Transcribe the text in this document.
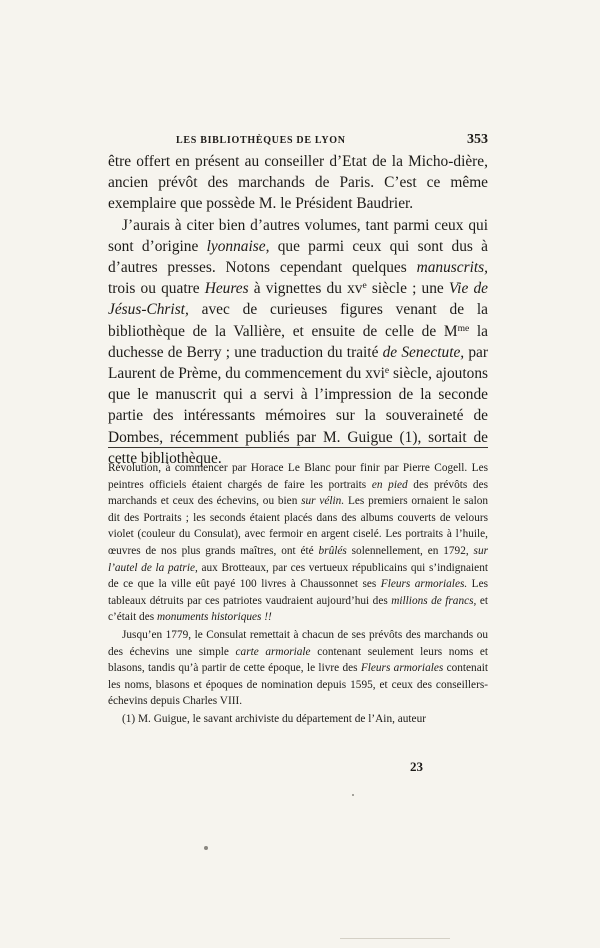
LES BIBLIOTHÈQUES DE LYON	353

être offert en présent au conseiller d’Etat de la Micho-dière, ancien prévôt des marchands de Paris. C’est ce même exemplaire que possède M. le Président Baudrier.

J’aurais à citer bien d’autres volumes, tant parmi ceux qui sont d’origine lyonnaise, que parmi ceux qui sont dus à d’autres presses. Notons cependant quelques manuscrits, trois ou quatre Heures à vignettes du $xv^e$ siècle ; une Vie de Jésus-Christ, avec de curieuses figures venant de la bibliothèque de la Vallière, et ensuite de celle de $M^{me}$ la duchesse de Berry ; une traduction du traité de Senectute, par Laurent de Prème, du commencement du xvi$^e$ siècle, ajoutons que le manuscrit qui a servi à l’impression de la seconde partie des intéressants mémoires sur la souveraineté de Dombes, récemment publiés par M. Guigue (1), sortait de cette bibliothèque.

Révolution, à commencer par Horace Le Blanc pour finir par Pierre Cogell. Les peintres officiels étaient chargés de faire les portraits en pied des prévôts des marchands et ceux des échevins, ou bien sur vélin. Les premiers ornaient le salon dit des Portraits ; les seconds étaient placés dans des albums couverts de velours violet (couleur du Consulat), avec fermoir en argent ciselé. Les portraits à l’huile, œuvres de nos plus grands maîtres, ont été brûlés solennellement, en 1792, sur l’autel de la patrie, aux Brotteaux, par ces vertueux républicains qui s’indignaient de ce que la ville eût payé 100 livres à Chaussonnet ses Fleurs armoriales. Les tableaux détruits par ces patriotes vaudraient aujourd’hui des millions de francs, et c’était des monuments historiques !!

Jusqu’en 1779, le Consulat remettait à chacun de ses prévôts des marchands ou des échevins une simple carte armoriale contenant seulement leurs noms et blasons, tandis qu’à partir de cette époque, le livre des Fleurs armoriales contenait les noms, blasons et époques de nomination depuis 1595, et ceux des conseillers-échevins depuis Charles VIII.

(1) M. Guigue, le savant archiviste du département de l’Ain, auteur

23
